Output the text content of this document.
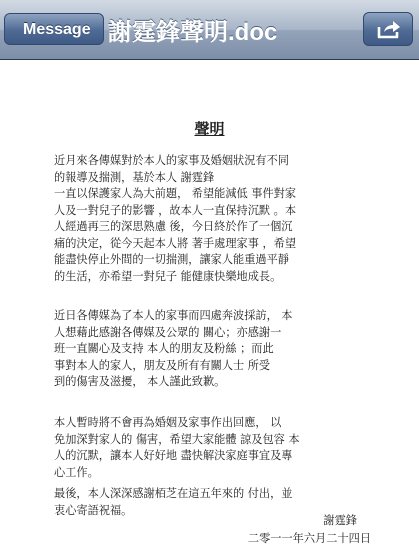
Message 謝霆鋒聲明.doc
聲明

近月來各傳媒對於本人的家事及婚姻狀況有不同
的報導及揣測，基於本人 謝霆鋒
一直以保護家人為大前題， 希望能減低 事件對家
人及一對兒子的影響 ，故本人一直保持沉默 。本
人經過再三的深思熟慮 後，今日終於作了一個沉
痛的決定，從今天起本人將 著手處理家事 ，希望
能盡快停止外間的一切揣測，讓家人能重過平靜
的生活，亦希望一對兒子 能健康快樂地成長。

近日各傳媒為了本人的家事而四處奔波採訪， 本
人想藉此感謝各傳媒及公眾的 關心；亦感謝一
班一直關心及支持 本人的朋友及粉絲 ；而此
事對本人的家人，朋友及所有有關人士 所受
到的傷害及滋擾， 本人謹此致歉。

本人暫時將不會再為婚姻及家事作出回應， 以
免加深對家人的 傷害，希望大家能體 諒及包容 本
人的沉默，讓本人好好地 盡快解決家庭事宜及專
心工作。

最後，本人深深感謝栢芝在這五年來的 付出，並
衷心寄語祝福。

謝霆鋒
二零一一年六月二十四日
